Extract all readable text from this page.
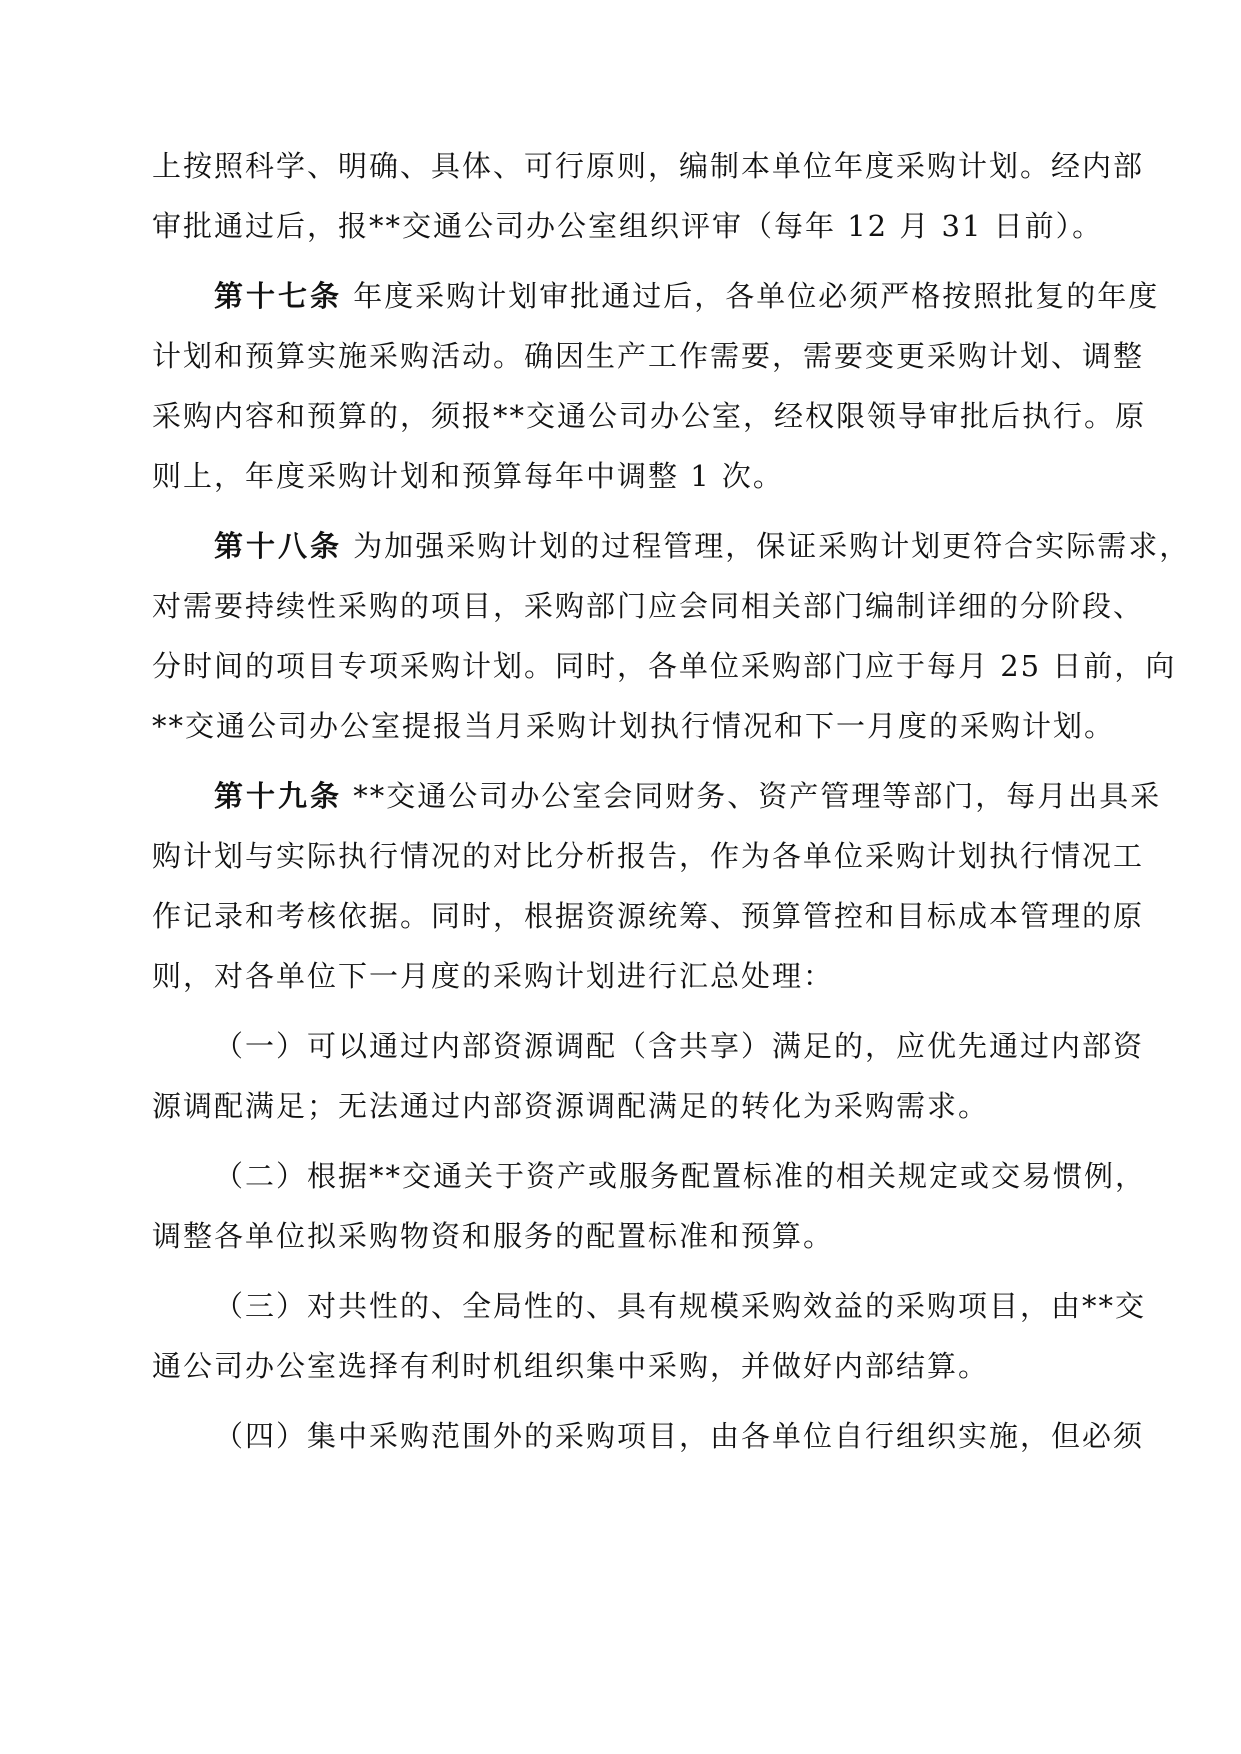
上按照科学、明确、具体、可行原则，编制本单位年度采购计划。经内部
审批通过后，报**交通公司办公室组织评审（每年 12 月 31 日前）。
第十七条 年度采购计划审批通过后，各单位必须严格按照批复的年度
计划和预算实施采购活动。确因生产工作需要，需要变更采购计划、调整
采购内容和预算的，须报**交通公司办公室，经权限领导审批后执行。原
则上，年度采购计划和预算每年中调整 1 次。
第十八条 为加强采购计划的过程管理，保证采购计划更符合实际需求，
对需要持续性采购的项目，采购部门应会同相关部门编制详细的分阶段、
分时间的项目专项采购计划。同时，各单位采购部门应于每月 25 日前，向
**交通公司办公室提报当月采购计划执行情况和下一月度的采购计划。
第十九条 **交通公司办公室会同财务、资产管理等部门，每月出具采
购计划与实际执行情况的对比分析报告，作为各单位采购计划执行情况工
作记录和考核依据。同时，根据资源统筹、预算管控和目标成本管理的原
则，对各单位下一月度的采购计划进行汇总处理：
（一）可以通过内部资源调配（含共享）满足的，应优先通过内部资
源调配满足；无法通过内部资源调配满足的转化为采购需求。
（二）根据**交通关于资产或服务配置标准的相关规定或交易惯例，
调整各单位拟采购物资和服务的配置标准和预算。
（三）对共性的、全局性的、具有规模采购效益的采购项目，由**交
通公司办公室选择有利时机组织集中采购，并做好内部结算。
（四）集中采购范围外的采购项目，由各单位自行组织实施，但必须
